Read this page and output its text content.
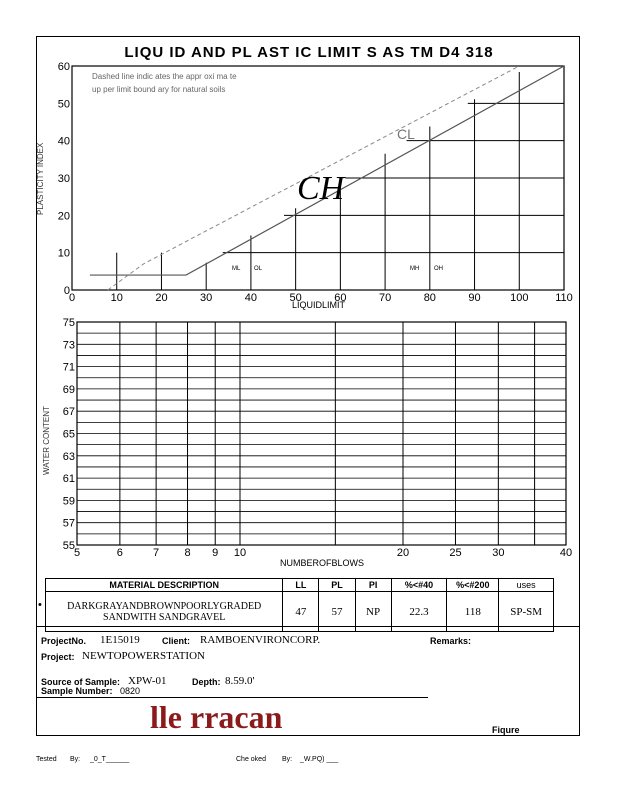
LIQU ID AND PL AST IC LIMIT S AS TM D4 318
0	10	20	30	40	50	60	70	80	90	100 110
0
10
20
30
40
50
60
5	6	7 8 9 10	20	25	30	40
75
73
71
69
67
65
63
61
59
57
55
Dashed line indic ates the appr oxi ma te
up per limit bound ary for natural soils
CL
ML	MH OH
OL
CH
LIQUIDLIMIT
PLASTICITY INDEX
NUMBEROFBLOWS
WATER CONTENT
MATERIAL DESCRIPTION	LL	PL	PI	%<#40	%<#200	uses

DARKGRAYANDBROWNPOORLYGRADED
SANDWITH SANDGRAVEL	47	57	NP	22.3	118	SP-SM
•
ProjectNo. 1E15019 Client: RAMBOENVIRONCORP.	Remarks:
Project: NEWTOPOWERSTATION
Source of Sample: XPW-01	Depth: 8.59.0'
Sample Number: 0820
lle rracan	Fiqure
Tested By: _0_T______	Che oked By: _W.PQ) ___
